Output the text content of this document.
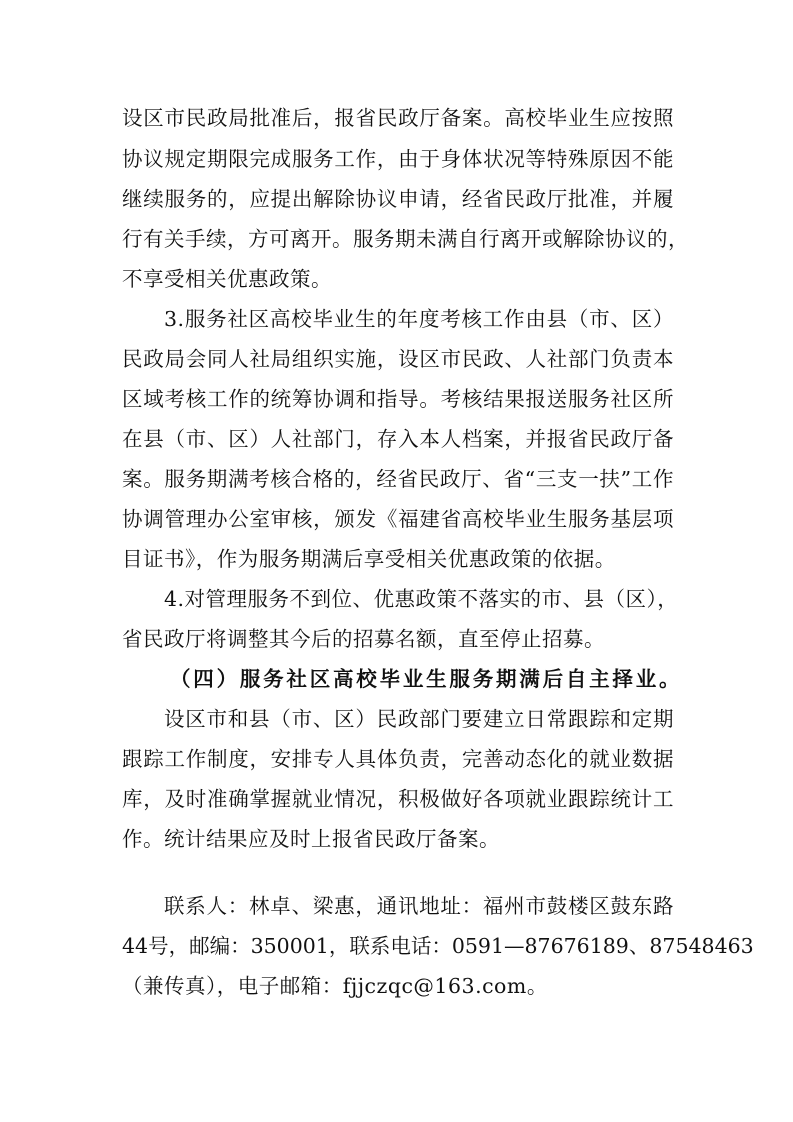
设区市民政局批准后，报省民政厅备案。高校毕业生应按照
协议规定期限完成服务工作，由于身体状况等特殊原因不能
继续服务的，应提出解除协议申请，经省民政厅批准，并履
行有关手续，方可离开。服务期未满自行离开或解除协议的，
不享受相关优惠政策。
3.服务社区高校毕业生的年度考核工作由县（市、区）
民政局会同人社局组织实施，设区市民政、人社部门负责本
区域考核工作的统筹协调和指导。考核结果报送服务社区所
在县（市、区）人社部门，存入本人档案，并报省民政厅备
案。服务期满考核合格的，经省民政厅、省“三支一扶”工作
协调管理办公室审核，颁发《福建省高校毕业生服务基层项
目证书》，作为服务期满后享受相关优惠政策的依据。
4.对管理服务不到位、优惠政策不落实的市、县（区），
省民政厅将调整其今后的招募名额，直至停止招募。
（四）服务社区高校毕业生服务期满后自主择业。
设区市和县（市、区）民政部门要建立日常跟踪和定期
跟踪工作制度，安排专人具体负责，完善动态化的就业数据
库，及时准确掌握就业情况，积极做好各项就业跟踪统计工
作。统计结果应及时上报省民政厅备案。
联系人：林卓、梁惠，通讯地址：福州市鼓楼区鼓东路
44号，邮编：350001，联系电话：0591—87676189、87548463
（兼传真），电子邮箱：fjjczqc@163.com。
